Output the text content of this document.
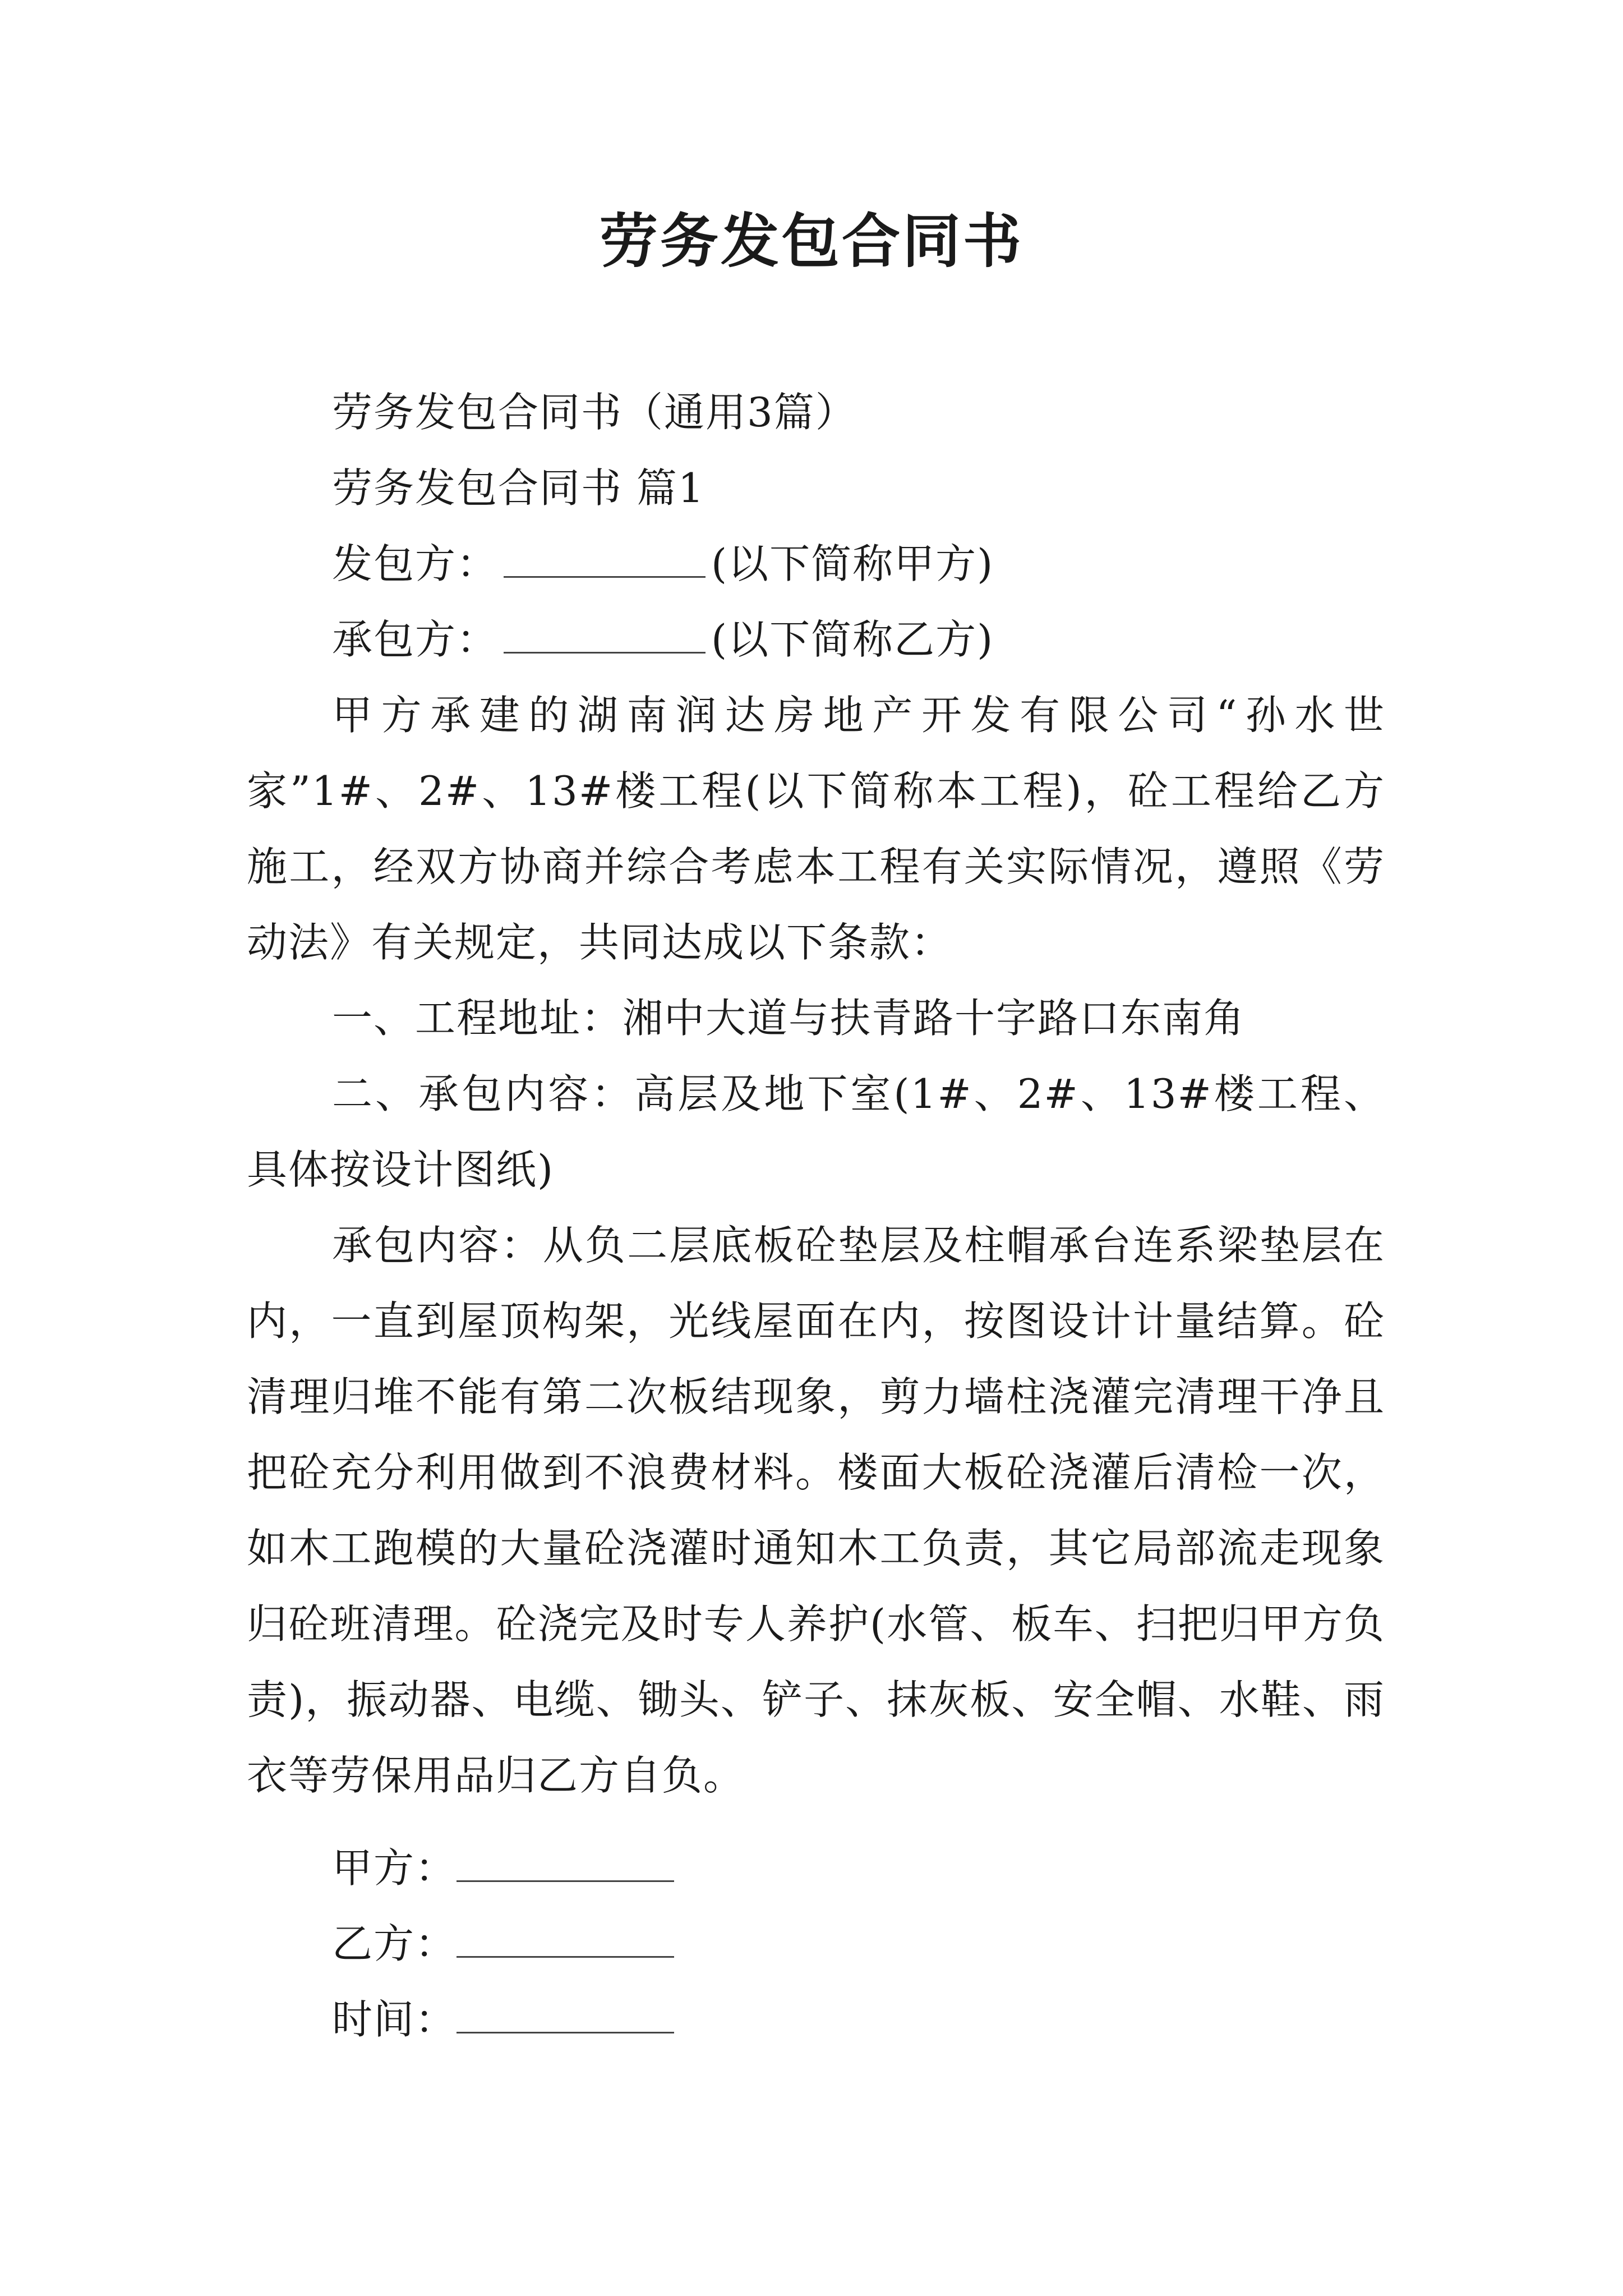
劳务发包合同书

劳务发包合同书（通用3篇）

劳务发包合同书 篇1

发包方：	(以下简称甲方)

承包方：	(以下简称乙方)

甲方承建的湖南润达房地产开发有限公司“孙水世家”1#、2#、13#楼工程(以下简称本工程)，砼工程给乙方施工，经双方协商并综合考虑本工程有关实际情况，遵照《劳动法》有关规定，共同达成以下条款：

一、工程地址：湘中大道与扶青路十字路口东南角

二、承包内容：高层及地下室(1#、2#、13#楼工程、具体按设计图纸)

承包内容：从负二层底板砼垫层及柱帽承台连系梁垫层在内，一直到屋顶构架，光线屋面在内，按图设计计量结算。砼清理归堆不能有第二次板结现象，剪力墙柱浇灌完清理干净且把砼充分利用做到不浪费材料。楼面大板砼浇灌后清检一次，如木工跑模的大量砼浇灌时通知木工负责，其它局部流走现象归砼班清理。砼浇完及时专人养护(水管、板车、扫把归甲方负责)，振动器、电缆、锄头、铲子、抹灰板、安全帽、水鞋、雨衣等劳保用品归乙方自负。

甲方：
乙方：
时间：
